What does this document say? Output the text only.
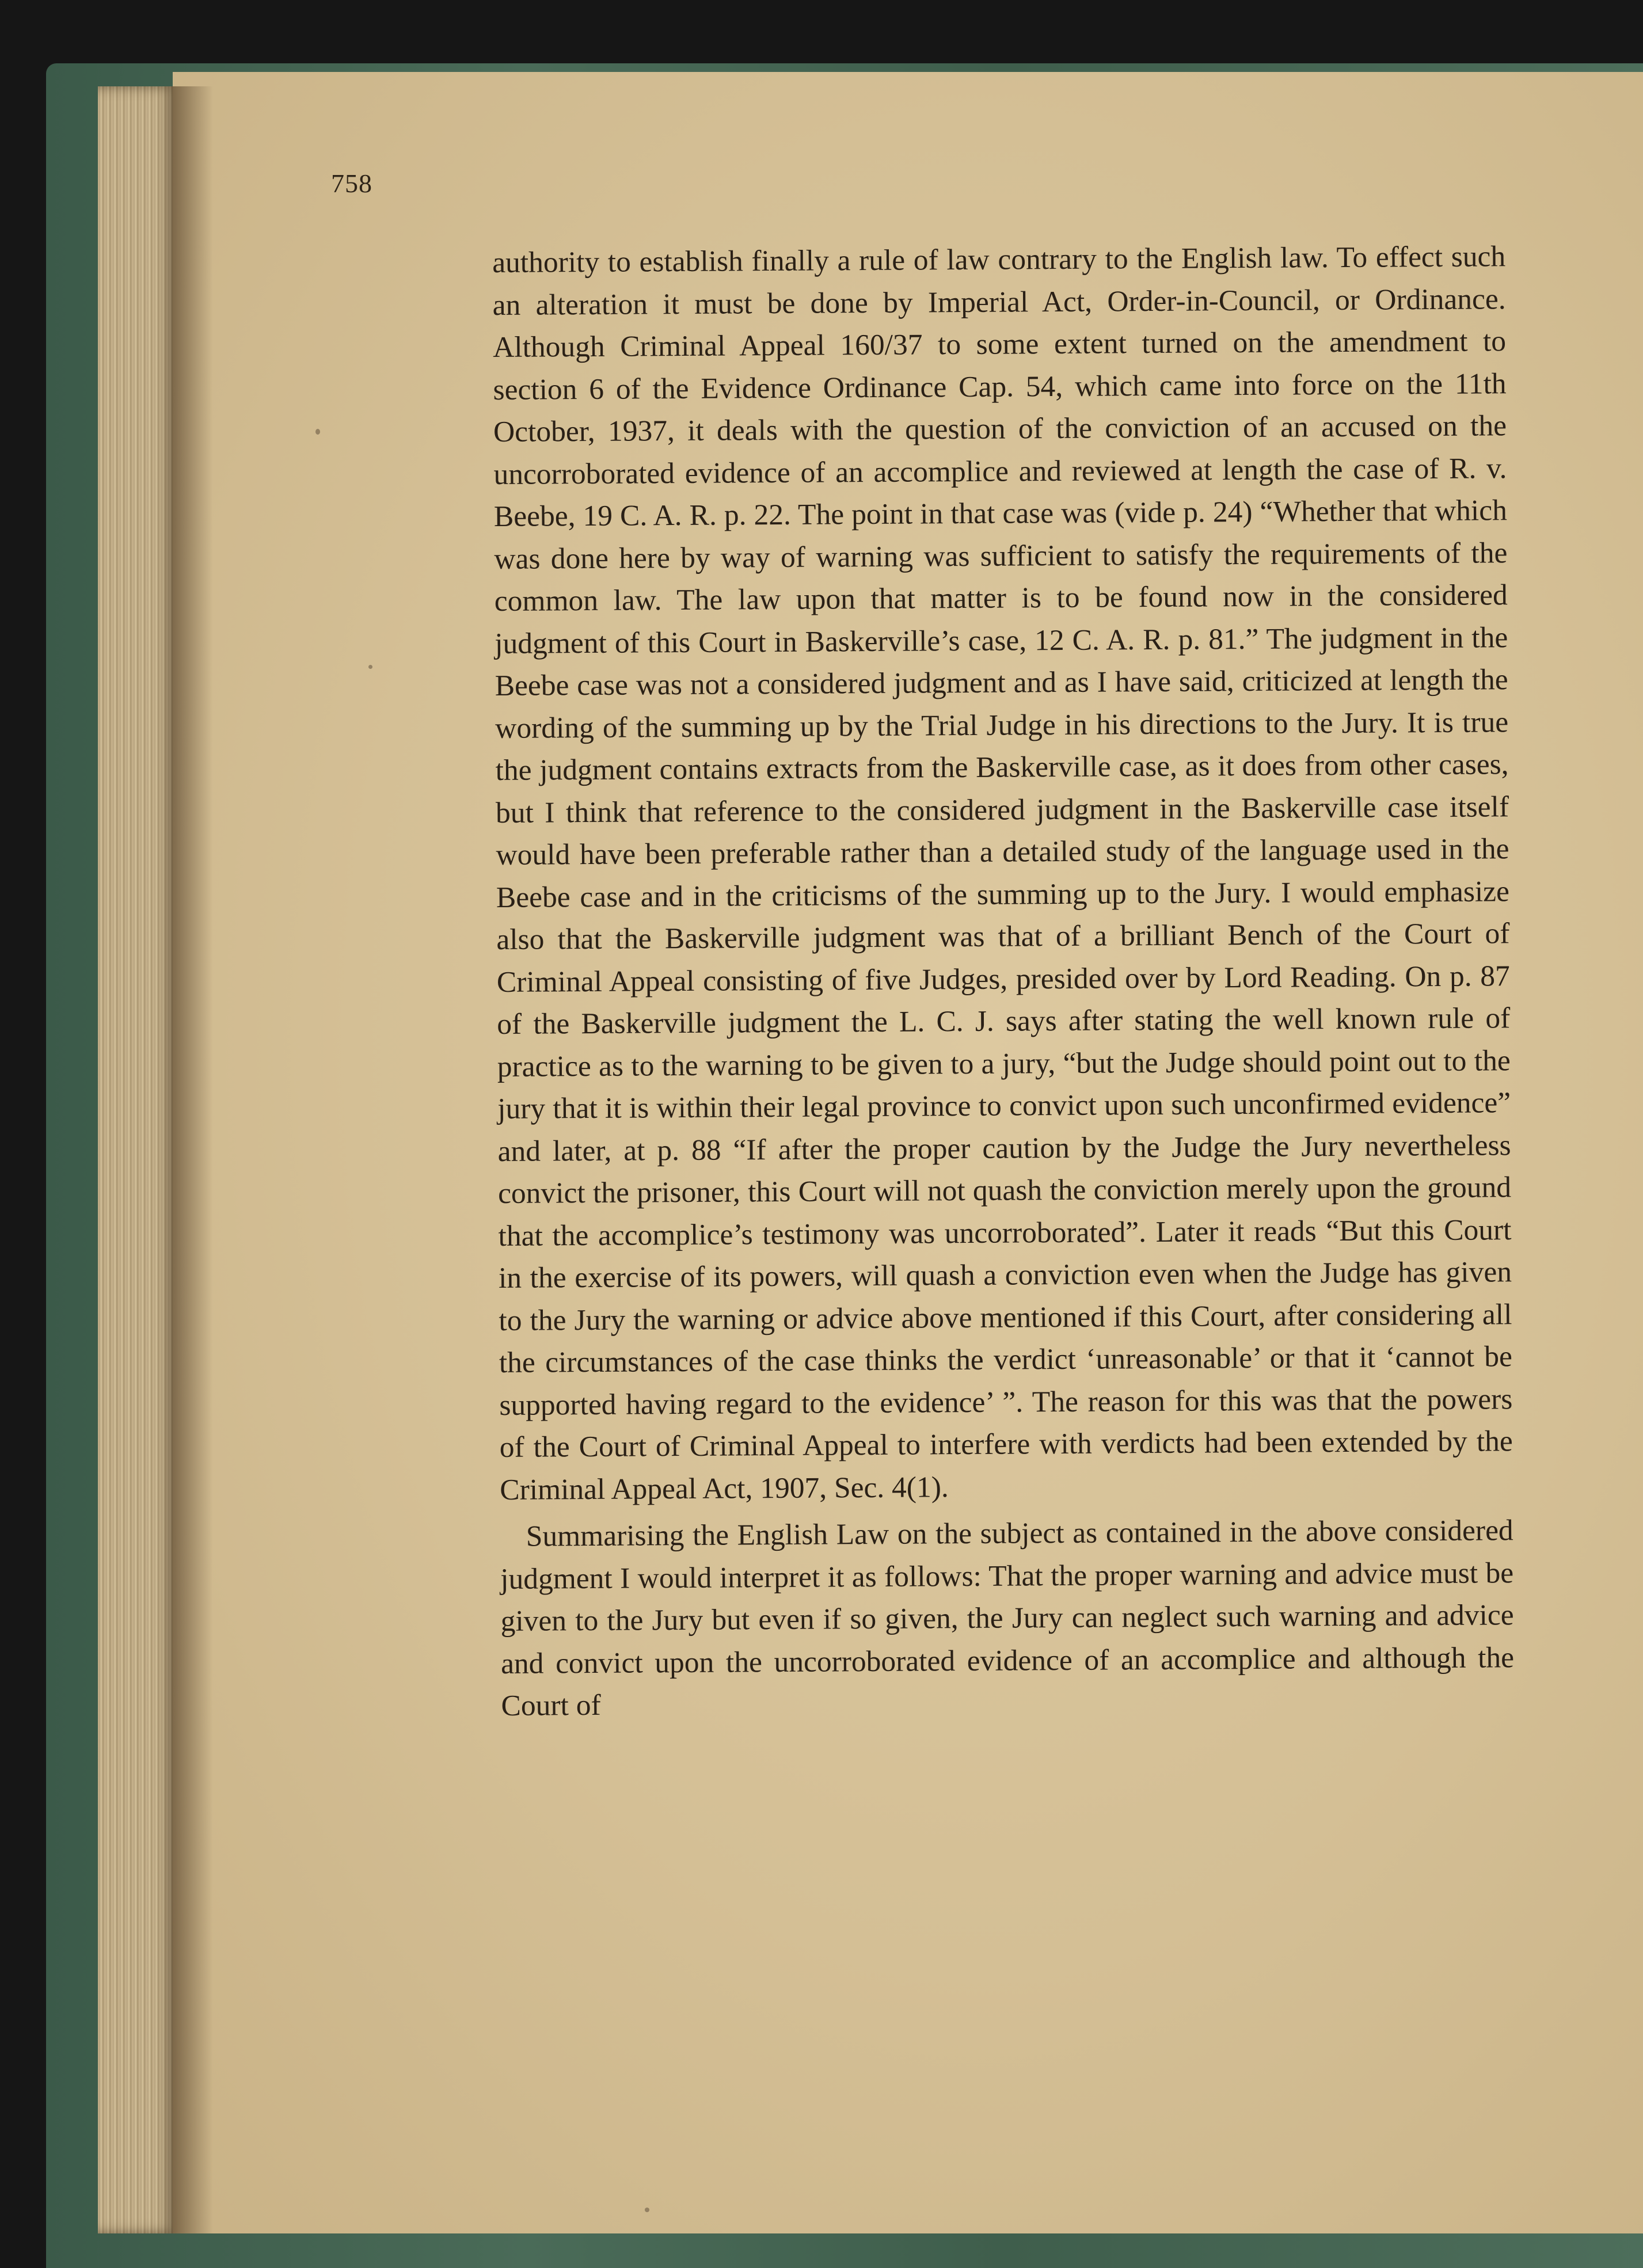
758

authority to establish finally a rule of law contrary to the English law. To effect such an alteration it must be done by Imperial Act, Order-in-Council, or Ordinance. Although Criminal Appeal 160/37 to some extent turned on the amendment to section 6 of the Evidence Ordinance Cap. 54, which came into force on the 11th October, 1937, it deals with the question of the conviction of an accused on the uncorroborated evidence of an accomplice and reviewed at length the case of R. v. Beebe, 19 C. A. R. p. 22. The point in that case was (vide p. 24) “Whether that which was done here by way of warning was sufficient to satisfy the requirements of the common law. The law upon that matter is to be found now in the considered judgment of this Court in Baskerville’s case, 12 C. A. R. p. 81.” The judgment in the Beebe case was not a considered judgment and as I have said, criticized at length the wording of the summing up by the Trial Judge in his directions to the Jury. It is true the judgment contains extracts from the Baskerville case, as it does from other cases, but I think that reference to the considered judgment in the Baskerville case itself would have been preferable rather than a detailed study of the language used in the Beebe case and in the criticisms of the summing up to the Jury. I would emphasize also that the Baskerville judgment was that of a brilliant Bench of the Court of Criminal Appeal consisting of five Judges, presided over by Lord Reading. On p. 87 of the Baskerville judgment the L. C. J. says after stating the well known rule of practice as to the warning to be given to a jury, “but the Judge should point out to the jury that it is within their legal province to convict upon such unconfirmed evidence” and later, at p. 88 “If after the proper caution by the Judge the Jury nevertheless convict the prisoner, this Court will not quash the conviction merely upon the ground that the accomplice’s testimony was uncorroborated”. Later it reads “But this Court in the exercise of its powers, will quash a conviction even when the Judge has given to the Jury the warning or advice above mentioned if this Court, after considering all the circumstances of the case thinks the verdict ‘unreasonable’ or that it ‘cannot be supported having regard to the evidence’ ”. The reason for this was that the powers of the Court of Criminal Appeal to interfere with verdicts had been extended by the Criminal Appeal Act, 1907, Sec. 4(1).

Summarising the English Law on the subject as contained in the above considered judgment I would interpret it as follows: That the proper warning and advice must be given to the Jury but even if so given, the Jury can neglect such warning and advice and convict upon the uncorroborated evidence of an accomplice and although the Court of
